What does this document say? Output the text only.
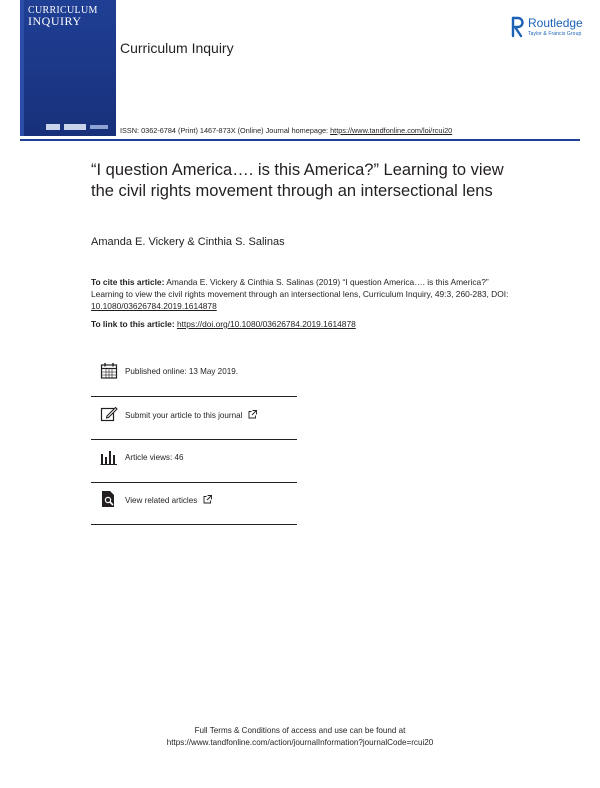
CURRICULUM
INQUIRY
Curriculum Inquiry
Routledge
Taylor & Francis Group
ISSN: 0362-6784 (Print) 1467-873X (Online) Journal homepage: https://www.tandfonline.com/loi/rcui20
“I question America…. is this America?” Learning to view the civil rights movement through an intersectional lens
Amanda E. Vickery & Cinthia S. Salinas
To cite this article: Amanda E. Vickery & Cinthia S. Salinas (2019) “I question America…. is this America?” Learning to view the civil rights movement through an intersectional lens, Curriculum Inquiry, 49:3, 260-283, DOI: 10.1080/03626784.2019.1614878
To link to this article: https://doi.org/10.1080/03626784.2019.1614878
Published online: 13 May 2019.
Submit your article to this journal
Article views: 46
View related articles
Full Terms & Conditions of access and use can be found at
https://www.tandfonline.com/action/journalInformation?journalCode=rcui20
